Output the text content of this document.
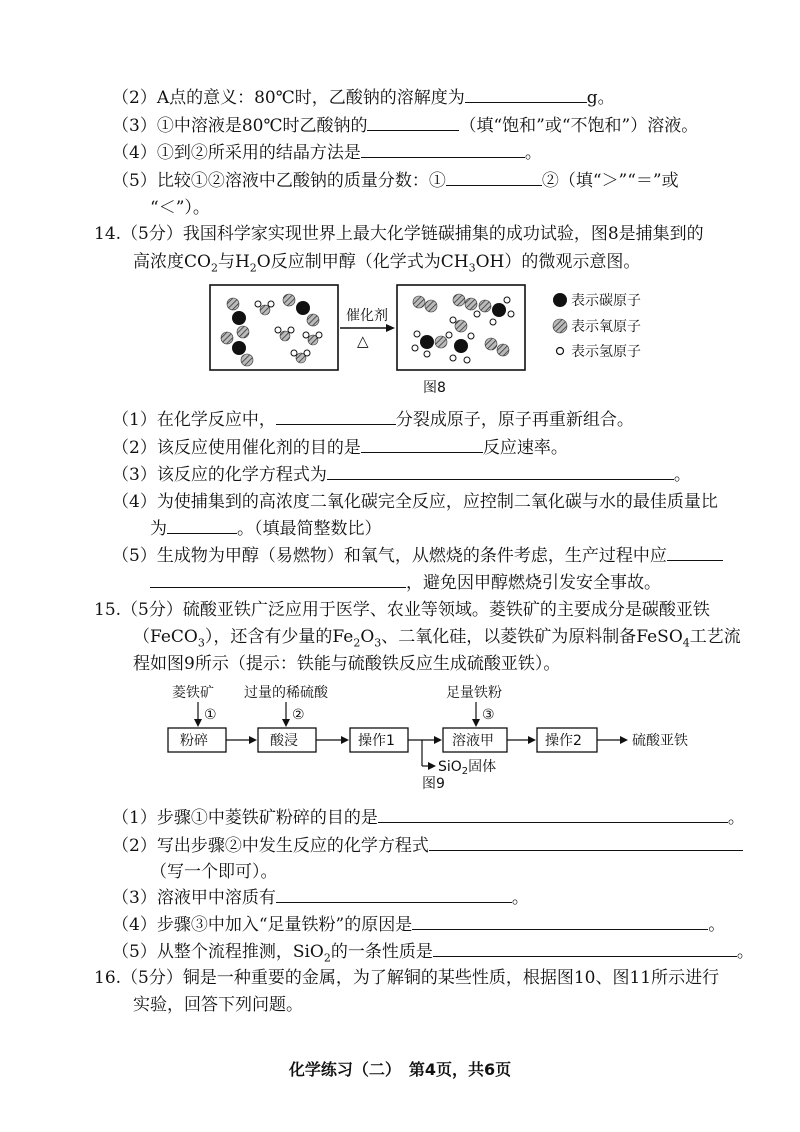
（2）A点的意义：80℃时，乙酸钠的溶解度为	g。
（3）①中溶液是80℃时乙酸钠的	（填“饱和”或“不饱和”）溶液。
（4）①到②所采用的结晶方法是	。
（5）比较①②溶液中乙酸钠的质量分数：①	②（填“＞”“＝”或
“＜”）。
14.（5分）我国科学家实现世界上最大化学链碳捕集的成功试验，图8是捕集到的
高浓度$CO_2$与$H_2O$反应制甲醇（化学式为$CH_3OH$）的微观示意图。
催化剂
△
表示碳原子
表示氧原子
表示氢原子
图8
（1）在化学反应中，	分裂成原子，原子再重新组合。
（2）该反应使用催化剂的目的是	反应速率。
（3）该反应的化学方程式为	。
（4）为使捕集到的高浓度二氧化碳完全反应，应控制二氧化碳与水的最佳质量比
为	。（填最简整数比）
（5）生成物为甲醇（易燃物）和氧气，从燃烧的条件考虑，生产过程中应
，避免因甲醇燃烧引发安全事故。
15.（5分）硫酸亚铁广泛应用于医学、农业等领域。菱铁矿的主要成分是碳酸亚铁
（FeCO$_3$），还含有少量的$Fe_2O_3$、二氧化硅，以菱铁矿为原料制备FeSO$_4$工艺流
程如图9所示（提示：铁能与硫酸铁反应生成硫酸亚铁）。
菱铁矿
①
过量的稀硫酸
②
足量铁粉
③
粉碎	酸浸	操作1
SiO$_2$固体
图9
溶液甲	操作2	硫酸亚铁
（1）步骤①中菱铁矿粉碎的目的是	。
（2）写出步骤②中发生反应的化学方程式
（写一个即可）。
（3）溶液甲中溶质有	。
（4）步骤③中加入“足量铁粉”的原因是	。
（5）从整个流程推测，SiO$_2$的一条性质是	。
16.（5分）铜是一种重要的金属，为了解铜的某些性质，根据图10、图11所示进行
实验，回答下列问题。
化学练习（二）　第4页，共6页
